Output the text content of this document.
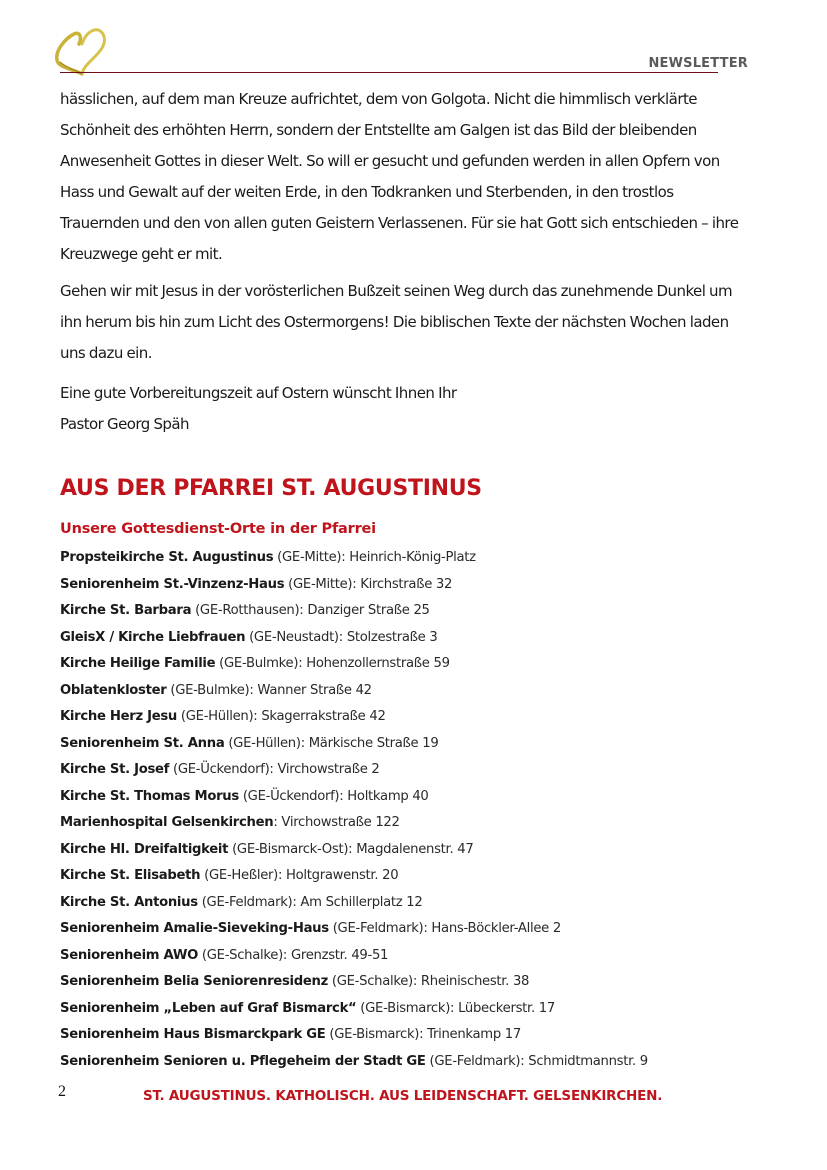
NEWSLETTER

hässlichen, auf dem man Kreuze aufrichtet, dem von Golgota. Nicht die himmlisch verklärte Schönheit des erhöhten Herrn, sondern der Entstellte am Galgen ist das Bild der bleibenden Anwesenheit Gottes in dieser Welt. So will er gesucht und gefunden werden in allen Opfern von Hass und Gewalt auf der weiten Erde, in den Todkranken und Sterbenden, in den trostlos Trauernden und den von allen guten Geistern Verlassenen. Für sie hat Gott sich entschieden – ihre Kreuzwege geht er mit.

Gehen wir mit Jesus in der vorösterlichen Bußzeit seinen Weg durch das zunehmende Dunkel um ihn herum bis hin zum Licht des Ostermorgens! Die biblischen Texte der nächsten Wochen laden uns dazu ein.

Eine gute Vorbereitungszeit auf Ostern wünscht Ihnen Ihr

Pastor Georg Späh

AUS DER PFARREI ST. AUGUSTINUS
Unsere Gottesdienst-Orte in der Pfarrei
Propsteikirche St. Augustinus (GE-Mitte): Heinrich-König-Platz
Seniorenheim St.-Vinzenz-Haus (GE-Mitte): Kirchstraße 32
Kirche St. Barbara (GE-Rotthausen): Danziger Straße 25
GleisX / Kirche Liebfrauen (GE-Neustadt): Stolzestraße 3
Kirche Heilige Familie (GE-Bulmke): Hohenzollernstraße 59
Oblatenkloster (GE-Bulmke): Wanner Straße 42
Kirche Herz Jesu (GE-Hüllen): Skagerrakstraße 42
Seniorenheim St. Anna (GE-Hüllen): Märkische Straße 19
Kirche St. Josef (GE-Ückendorf): Virchowstraße 2
Kirche St. Thomas Morus (GE-Ückendorf): Holtkamp 40
Marienhospital Gelsenkirchen: Virchowstraße 122
Kirche Hl. Dreifaltigkeit (GE-Bismarck-Ost): Magdalenenstr. 47
Kirche St. Elisabeth (GE-Heßler): Holtgrawenstr. 20
Kirche St. Antonius (GE-Feldmark): Am Schillerplatz 12
Seniorenheim Amalie-Sieveking-Haus (GE-Feldmark): Hans-Böckler-Allee 2
Seniorenheim AWO (GE-Schalke): Grenzstr. 49-51
Seniorenheim Belia Seniorenresidenz (GE-Schalke): Rheinischestr. 38
Seniorenheim „Leben auf Graf Bismarck“ (GE-Bismarck): Lübeckerstr. 17
Seniorenheim Haus Bismarckpark GE (GE-Bismarck): Trinenkamp 17
Seniorenheim Senioren u. Pflegeheim der Stadt GE (GE-Feldmark): Schmidtmannstr. 9
2	ST. AUGUSTINUS. KATHOLISCH. AUS LEIDENSCHAFT. GELSENKIRCHEN.
